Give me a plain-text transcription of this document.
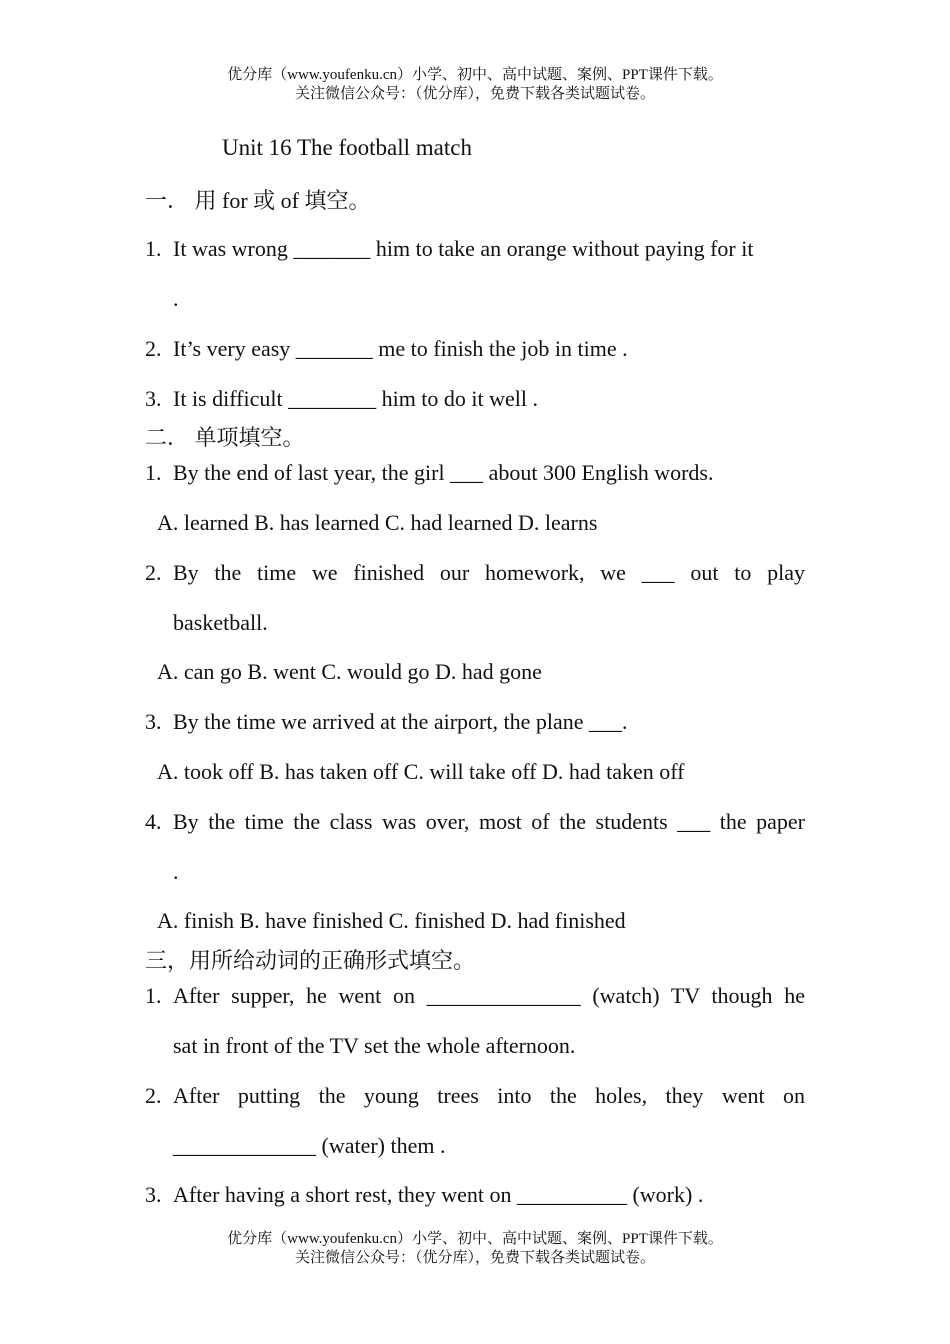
优分库（www.youfenku.cn）小学、初中、高中试题、案例、PPT课件下载。
关注微信公众号：（优分库），免费下载各类试题试卷。
Unit 16 The football match
一． 用 for 或 of 填空。
1. It was wrong _______ him to take an orange without paying for it
.
2. It’s very easy _______ me to finish the job in time .
3. It is difficult ________ him to do it well .
二． 单项填空。
1. By the end of last year, the girl ___ about 300 English words.
A. learned B. has learned C. had learned D. learns
2. By the time we finished our homework, we ___ out to play
basketball.
A. can go B. went C. would go D. had gone
3. By the time we arrived at the airport, the plane ___.
A. took off B. has taken off C. will take off D. had taken off
4. By the time the class was over, most of the students ___ the paper
.
A. finish B. have finished C. finished D. had finished
三，用所给动词的正确形式填空。
1. After supper, he went on ______________ (watch) TV though he
sat in front of the TV set the whole afternoon.
2. After putting the young trees into the holes, they went on
_____________ (water) them .
3. After having a short rest, they went on __________ (work) .
优分库（www.youfenku.cn）小学、初中、高中试题、案例、PPT课件下载。
关注微信公众号：（优分库），免费下载各类试题试卷。
